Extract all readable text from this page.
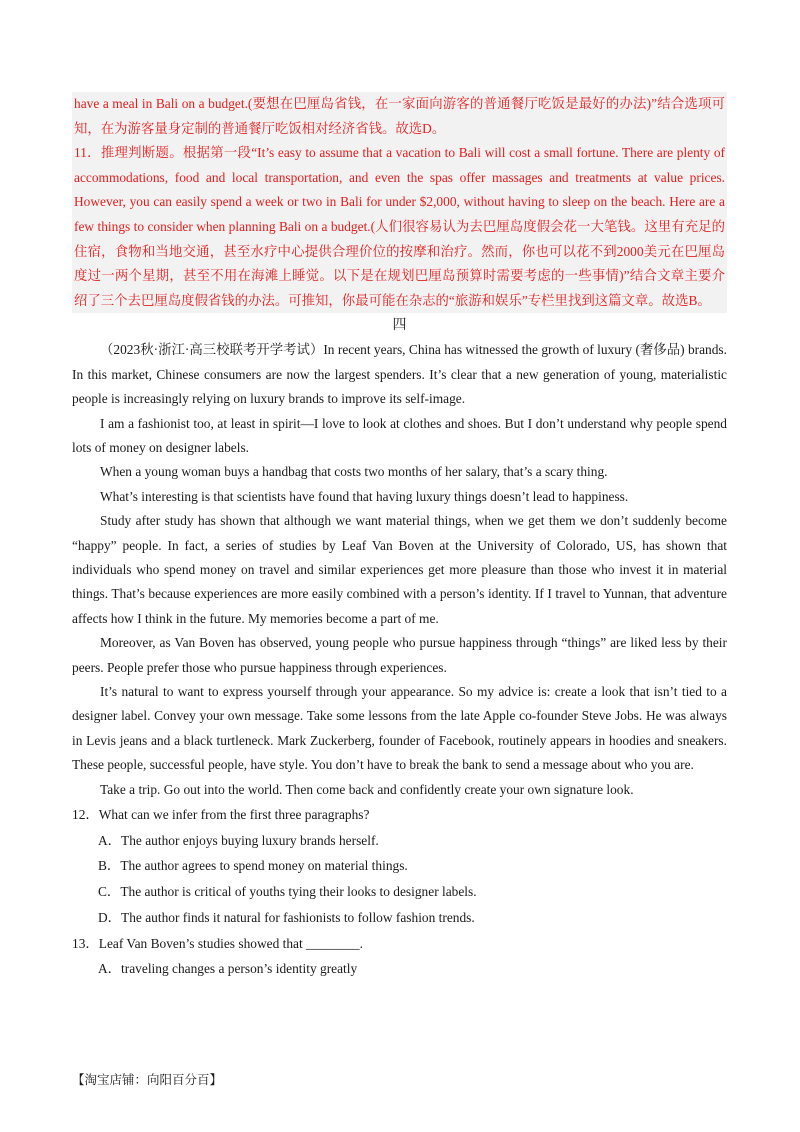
have a meal in Bali on a budget.(要想在巴厘岛省钱，在一家面向游客的普通餐厅吃饭是最好的办法)”结合选项可知，在为游客量身定制的普通餐厅吃饭相对经济省钱。故选D。

11．推理判断题。根据第一段“It’s easy to assume that a vacation to Bali will cost a small fortune. There are plenty of accommodations, food and local transportation, and even the spas offer massages and treatments at value prices. However, you can easily spend a week or two in Bali for under $2,000, without having to sleep on the beach. Here are a few things to consider when planning Bali on a budget.(人们很容易认为去巴厘岛度假会花一大笔钱。这里有充足的住宿，食物和当地交通，甚至水疗中心提供合理价位的按摩和治疗。然而，你也可以花不到2000美元在巴厘岛度过一两个星期，甚至不用在海滩上睡觉。以下是在规划巴厘岛预算时需要考虑的一些事情)”结合文章主要介绍了三个去巴厘岛度假省钱的办法。可推知，你最可能在杂志的“旅游和娱乐”专栏里找到这篇文章。故选B。

四

（2023秋·浙江·高三校联考开学考试）In recent years, China has witnessed the growth of luxury (奢侈品) brands. In this market, Chinese consumers are now the largest spenders. It’s clear that a new generation of young, materialistic people is increasingly relying on luxury brands to improve its self-image.

I am a fashionist too, at least in spirit—I love to look at clothes and shoes. But I don’t understand why people spend lots of money on designer labels.

When a young woman buys a handbag that costs two months of her salary, that’s a scary thing.

What’s interesting is that scientists have found that having luxury things doesn’t lead to happiness.

Study after study has shown that although we want material things, when we get them we don’t suddenly become “happy” people. In fact, a series of studies by Leaf Van Boven at the University of Colorado, US, has shown that individuals who spend money on travel and similar experiences get more pleasure than those who invest it in material things. That’s because experiences are more easily combined with a person’s identity. If I travel to Yunnan, that adventure affects how I think in the future. My memories become a part of me.

Moreover, as Van Boven has observed, young people who pursue happiness through “things” are liked less by their peers. People prefer those who pursue happiness through experiences.

It’s natural to want to express yourself through your appearance. So my advice is: create a look that isn’t tied to a designer label. Convey your own message. Take some lessons from the late Apple co-founder Steve Jobs. He was always in Levis jeans and a black turtleneck. Mark Zuckerberg, founder of Facebook, routinely appears in hoodies and sneakers. These people, successful people, have style. You don’t have to break the bank to send a message about who you are.

Take a trip. Go out into the world. Then come back and confidently create your own signature look.

12．What can we infer from the first three paragraphs?

A．The author enjoys buying luxury brands herself.

B．The author agrees to spend money on material things.

C．The author is critical of youths tying their looks to designer labels.

D．The author finds it natural for fashionists to follow fashion trends.

13．Leaf Van Boven’s studies showed that ________.

A．traveling changes a person’s identity greatly

【淘宝店铺：向阳百分百】
